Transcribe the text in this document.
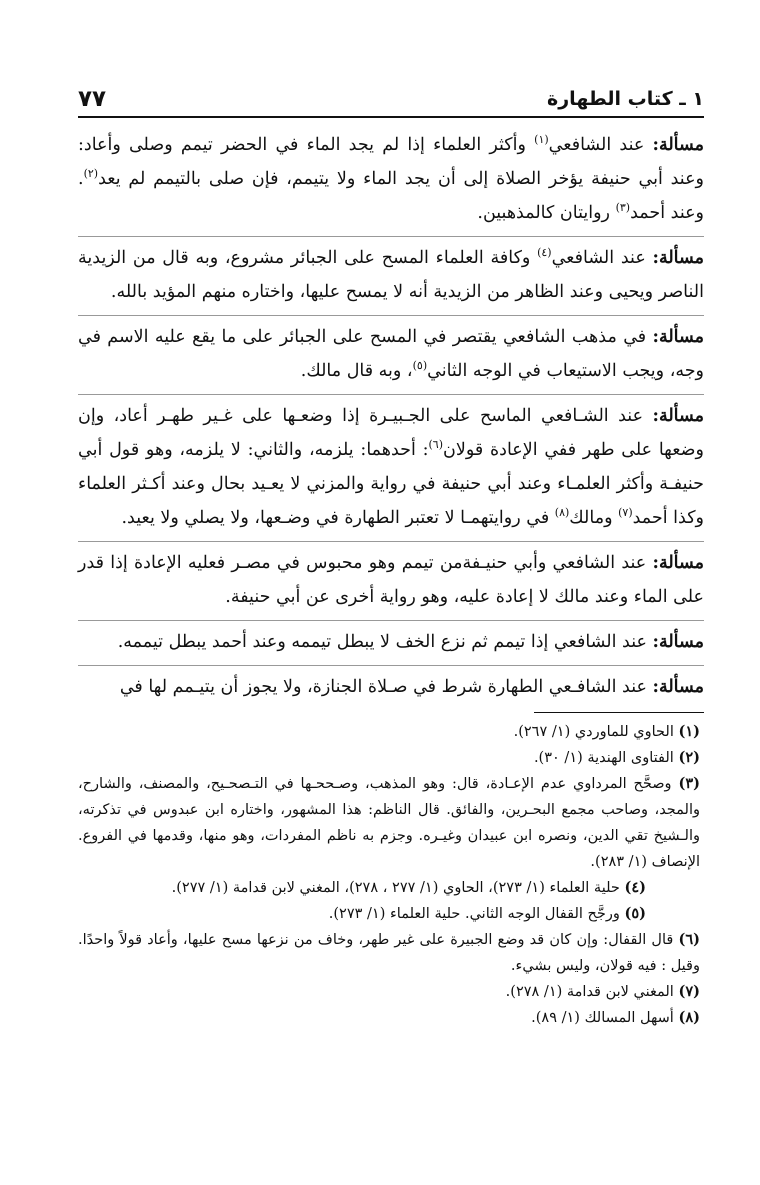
١ ـ كتاب الطهارة
٧٧

مسألة: عند الشافعي$^{(١)}$ وأكثر العلماء إذا لم يجد الماء في الحضر تيمم وصلى وأعاد: وعند أبي حنيفة يؤخر الصلاة إلى أن يجد الماء ولا يتيمم، فإن صلى بالتيمم لم يعد$^{(٢)}$. وعند أحمد$^{(٣)}$ روايتان كالمذهبين.

مسألة: عند الشافعي$^{(٤)}$ وكافة العلماء المسح على الجبائر مشروع، وبه قال من الزيدية الناصر ويحيى وعند الظاهر من الزيدية أنه لا يمسح عليها، واختاره منهم المؤيد بالله.

مسألة: في مذهب الشافعي يقتصر في المسح على الجبائر على ما يقع عليه الاسم في وجه، ويجب الاستيعاب في الوجه الثاني$^{(٥)}$، وبه قال مالك.

مسألة: عند الشـافعي الماسح على الجـبيـرة إذا وضعـها على غـير طهـر أعاد، وإن وضعها على طهر ففي الإعادة قولان$^{(٦)}$: أحدهما: يلزمه، والثاني: لا يلزمه، وهو قول أبي حنيفـة وأكثر العلمـاء وعند أبي حنيفة في رواية والمزني لا يعـيد بحال وعند أكـثر العلماء وكذا أحمد$^{(٧)}$ ومالك$^{(٨)}$ في روايتهمـا لا تعتبر الطهارة في وضـعها، ولا يصلي ولا يعيد.

مسألة: عند الشافعي وأبي حنيـفةمن تيمم وهو محبوس في مصـر فعليه الإعادة إذا قدر على الماء وعند مالك لا إعادة عليه، وهو رواية أخرى عن أبي حنيفة.

مسألة: عند الشافعي إذا تيمم ثم نزع الخف لا يبطل تيممه وعند أحمد يبطل تيممه.

مسألة: عند الشافـعي الطهارة شرط في صـلاة الجنازة، ولا يجوز أن يتيـمم لها في

(١) الحاوي للماوردي (١/ ٢٦٧).
(٢) الفتاوى الهندية (١/ ٣٠).
(٣) وصحَّح المرداوي عدم الإعـادة، قال: وهو المذهب، وصـححـها في التـصحـيح، والمصنف، والشارح، والمجد، وصاحب مجمع البحـرين، والفائق. قال الناظم: هذا المشهور، واختاره ابن عبدوس في تذكرته، والـشيخ تقي الدين، ونصره ابن عبيدان وغيـره. وجزم به ناظم المفردات، وهو منها، وقدمها في الفروع. الإنصاف (١/ ٢٨٣).
(٤) حلية العلماء (١/ ٢٧٣)، الحاوي (١/ ٢٧٧ ، ٢٧٨)، المغني لابن قدامة (١/ ٢٧٧).
(٥) ورجَّح القفال الوجه الثاني. حلية العلماء (١/ ٢٧٣).
(٦) قال القفال: وإن كان قد وضع الجبيرة على غير طهر، وخاف من نزعها مسح عليها، وأعاد قولاً واحدًا. وقيل : فيه قولان، وليس بشيء.
(٧) المغني لابن قدامة (١/ ٢٧٨).
(٨) أسهل المسالك (١/ ٨٩).
